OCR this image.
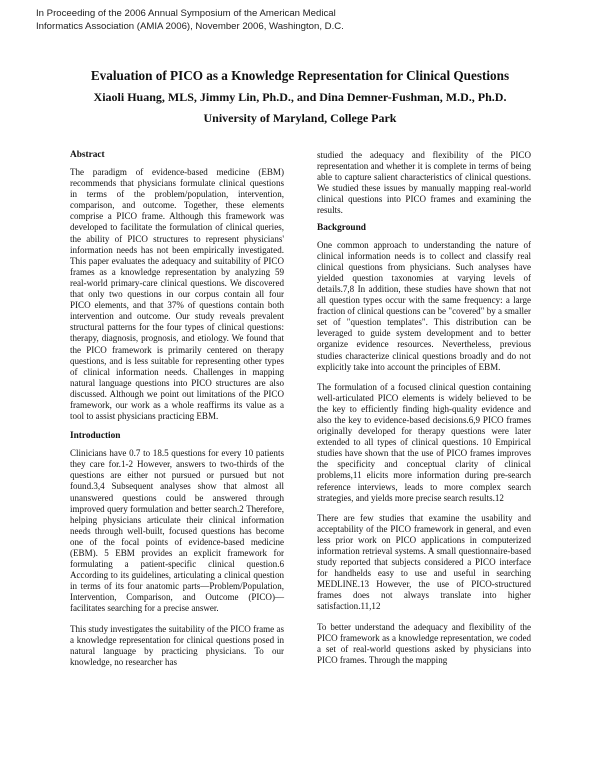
In Proceeding of the 2006 Annual Symposium of the American Medical
Informatics Association (AMIA 2006), November 2006, Washington, D.C.
Evaluation of PICO as a Knowledge Representation for Clinical Questions
Xiaoli Huang, MLS, Jimmy Lin, Ph.D., and Dina Demner-Fushman, M.D., Ph.D.
University of Maryland, College Park
Abstract

The paradigm of evidence-based medicine (EBM) recommends that physicians formulate clinical questions in terms of the problem/population, intervention, comparison, and outcome. Together, these elements comprise a PICO frame. Although this framework was developed to facilitate the formulation of clinical queries, the ability of PICO structures to represent physicians' information needs has not been empirically investigated. This paper evaluates the adequacy and suitability of PICO frames as a knowledge representation by analyzing 59 real-world primary-care clinical questions. We discovered that only two questions in our corpus contain all four PICO elements, and that 37% of questions contain both intervention and outcome. Our study reveals prevalent structural patterns for the four types of clinical questions: therapy, diagnosis, prognosis, and etiology. We found that the PICO framework is primarily centered on therapy questions, and is less suitable for representing other types of clinical information needs. Challenges in mapping natural language questions into PICO structures are also discussed. Although we point out limitations of the PICO framework, our work as a whole reaffirms its value as a tool to assist physicians practicing EBM.

Introduction

Clinicians have 0.7 to 18.5 questions for every 10 patients they care for.1-2 However, answers to two-thirds of the questions are either not pursued or pursued but not found.3,4 Subsequent analyses show that almost all unanswered questions could be answered through improved query formulation and better search.2 Therefore, helping physicians articulate their clinical information needs through well-built, focused questions has become one of the focal points of evidence-based medicine (EBM). 5 EBM provides an explicit framework for formulating a patient-specific clinical question.6 According to its guidelines, articulating a clinical question in terms of its four anatomic parts—Problem/Population, Intervention, Comparison, and Outcome (PICO)—facilitates searching for a precise answer.

This study investigates the suitability of the PICO frame as a knowledge representation for clinical questions posed in natural language by practicing physicians. To our knowledge, no researcher has

studied the adequacy and flexibility of the PICO representation and whether it is complete in terms of being able to capture salient characteristics of clinical questions. We studied these issues by manually mapping real-world clinical questions into PICO frames and examining the results.

Background

One common approach to understanding the nature of clinical information needs is to collect and classify real clinical questions from physicians. Such analyses have yielded question taxonomies at varying levels of details.7,8 In addition, these studies have shown that not all question types occur with the same frequency: a large fraction of clinical questions can be "covered" by a smaller set of "question templates". This distribution can be leveraged to guide system development and to better organize evidence resources. Nevertheless, previous studies characterize clinical questions broadly and do not explicitly take into account the principles of EBM.

The formulation of a focused clinical question containing well-articulated PICO elements is widely believed to be the key to efficiently finding high-quality evidence and also the key to evidence-based decisions.6,9 PICO frames originally developed for therapy questions were later extended to all types of clinical questions. 10 Empirical studies have shown that the use of PICO frames improves the specificity and conceptual clarity of clinical problems,11 elicits more information during pre-search reference interviews, leads to more complex search strategies, and yields more precise search results.12

There are few studies that examine the usability and acceptability of the PICO framework in general, and even less prior work on PICO applications in computerized information retrieval systems. A small questionnaire-based study reported that subjects considered a PICO interface for handhelds easy to use and useful in searching MEDLINE.13 However, the use of PICO-structured frames does not always translate into higher satisfaction.11,12

To better understand the adequacy and flexibility of the PICO framework as a knowledge representation, we coded a set of real-world questions asked by physicians into PICO frames. Through the mapping
